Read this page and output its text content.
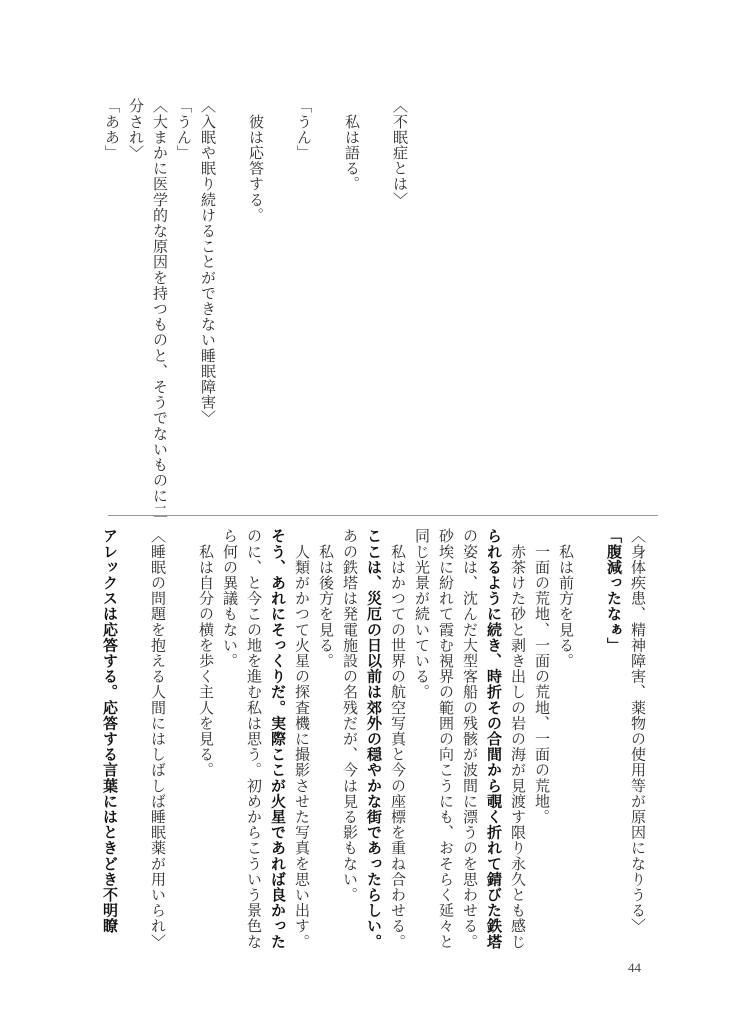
〈不眠症とは〉
　私は語る。
「うん」
　彼は応答する。
〈入眠や眠り続けることができない睡眠障害〉
「うん」
〈大まかに医学的な原因を持つものと、そうでないものに二
分され〉
「ああ」
〈身体疾患、精神障害、薬物の使用等が原因になりうる〉
「腹減ったなぁ」
　私は前方を見る。
　一面の荒地、一面の荒地、一面の荒地。
　赤茶けた砂と剥き出しの岩の海が見渡す限り永久とも感じ
られるように続き、時折その合間から覗く折れて錆びた鉄塔
の姿は、沈んだ大型客船の残骸が波間に漂うのを思わせる。
砂埃に紛れて霞む視界の範囲の向こうにも、おそらく延々と
同じ光景が続いている。
　私はかつての世界の航空写真と今の座標を重ね合わせる。
ここは、災厄の日以前は郊外の穏やかな街であったらしい。
あの鉄塔は発電施設の名残だが、今は見る影もない。
　私は後方を見る。
　人類がかつて火星の探査機に撮影させた写真を思い出す。
そう、あれにそっくりだ。実際ここが火星であれば良かった
のに、と今この地を進む私は思う。初めからこういう景色な
ら何の異議もない。
　私は自分の横を歩く主人を見る。
〈睡眠の問題を抱える人間にはしばしば睡眠薬が用いられ〉
アレックスは応答する。応答する言葉にはときどき不明瞭
44
